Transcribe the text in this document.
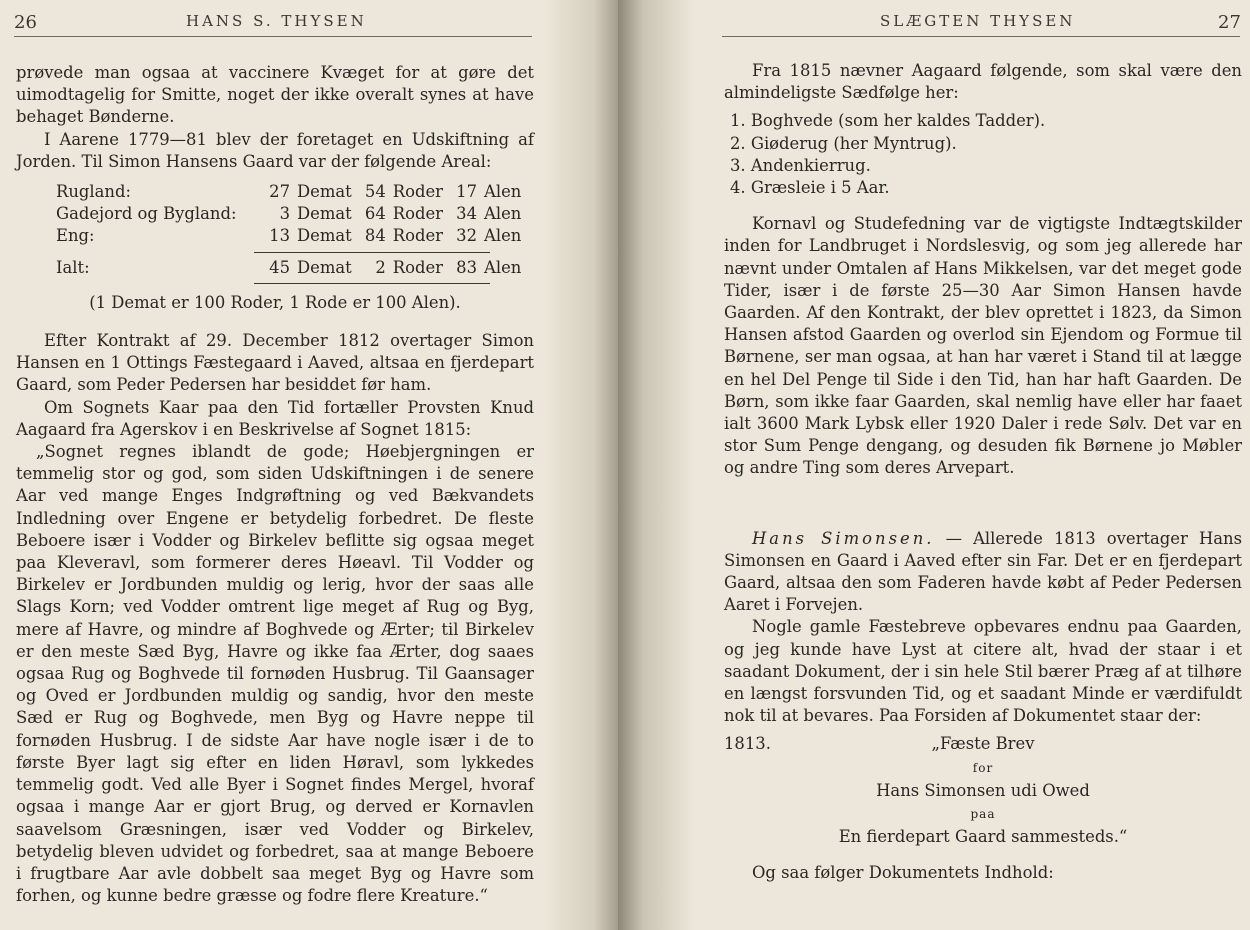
26	HANS S. THYSEN

prøvede man ogsaa at vaccinere Kvæget for at gøre det uimodtagelig for Smitte, noget der ikke overalt synes at have behaget Bønderne.

I Aarene 1779—81 blev der foretaget en Udskiftning af Jorden. Til Simon Hansens Gaard var der følgende Areal:

Rugland:	27	Demat	54	Roder	17	Alen
Gadejord og Bygland:	3	Demat	64	Roder	34	Alen
Eng:	13	Demat	84	Roder	32	Alen
Ialt:	45	Demat	2	Roder	83	Alen

(1 Demat er 100 Roder, 1 Rode er 100 Alen).

Efter Kontrakt af 29. December 1812 overtager Simon Hansen en 1 Ottings Fæstegaard i Aaved, altsaa en fjerdepart Gaard, som Peder Pedersen har besiddet før ham.

Om Sognets Kaar paa den Tid fortæller Provsten Knud Aagaard fra Agerskov i en Beskrivelse af Sognet 1815:

„Sognet regnes iblandt de gode; Høebjergningen er temmelig stor og god, som siden Udskiftningen i de senere Aar ved mange Enges Indgrøftning og ved Bækvandets Indledning over Engene er betydelig forbedret. De fleste Beboere især i Vodder og Birkelev beflitte sig ogsaa meget paa Kleveravl, som formerer deres Høeavl. Til Vodder og Birkelev er Jordbunden muldig og lerig, hvor der saas alle Slags Korn; ved Vodder omtrent lige meget af Rug og Byg, mere af Havre, og mindre af Boghvede og Ærter; til Birkelev er den meste Sæd Byg, Havre og ikke faa Ærter, dog saaes ogsaa Rug og Boghvede til fornøden Husbrug. Til Gaansager og Oved er Jordbunden muldig og sandig, hvor den meste Sæd er Rug og Boghvede, men Byg og Havre neppe til fornøden Husbrug. I de sidste Aar have nogle især i de to første Byer lagt sig efter en liden Høravl, som lykkedes temmelig godt. Ved alle Byer i Sognet findes Mergel, hvoraf ogsaa i mange Aar er gjort Brug, og derved er Kornavlen saavelsom Græsningen, især ved Vodder og Birkelev, betydelig bleven udvidet og forbedret, saa at mange Beboere i frugtbare Aar avle dobbelt saa meget Byg og Havre som forhen, og kunne bedre græsse og fodre flere Kreature.“

SLÆGTEN THYSEN	27

Fra 1815 nævner Aagaard følgende, som skal være den almindeligste Sædfølge her:

1. Boghvede (som her kaldes Tadder).
2. Giøderug (her Myntrug).
3. Andenkierrug.
4. Græsleie i 5 Aar.

Kornavl og Studefedning var de vigtigste Indtægtskilder inden for Landbruget i Nordslesvig, og som jeg allerede har nævnt under Omtalen af Hans Mikkelsen, var det meget gode Tider, især i de første 25—30 Aar Simon Hansen havde Gaarden. Af den Kontrakt, der blev oprettet i 1823, da Simon Hansen afstod Gaarden og overlod sin Ejendom og Formue til Børnene, ser man ogsaa, at han har været i Stand til at lægge en hel Del Penge til Side i den Tid, han har haft Gaarden. De Børn, som ikke faar Gaarden, skal nemlig have eller har faaet ialt 3600 Mark Lybsk eller 1920 Daler i rede Sølv. Det var en stor Sum Penge dengang, og desuden fik Børnene jo Møbler og andre Ting som deres Arvepart.

Hans Simonsen. — Allerede 1813 overtager Hans Simonsen en Gaard i Aaved efter sin Far. Det er en fjerdepart Gaard, altsaa den som Faderen havde købt af Peder Pedersen Aaret i Forvejen.

Nogle gamle Fæstebreve opbevares endnu paa Gaarden, og jeg kunde have Lyst at citere alt, hvad der staar i et saadant Dokument, der i sin hele Stil bærer Præg af at tilhøre en længst forsvunden Tid, og et saadant Minde er værdifuldt nok til at bevares. Paa Forsiden af Dokumentet staar der:

1813.	„Fæste Brev
for
Hans Simonsen udi Owed
paa
En fierdepart Gaard sammesteds.“

Og saa følger Dokumentets Indhold:
